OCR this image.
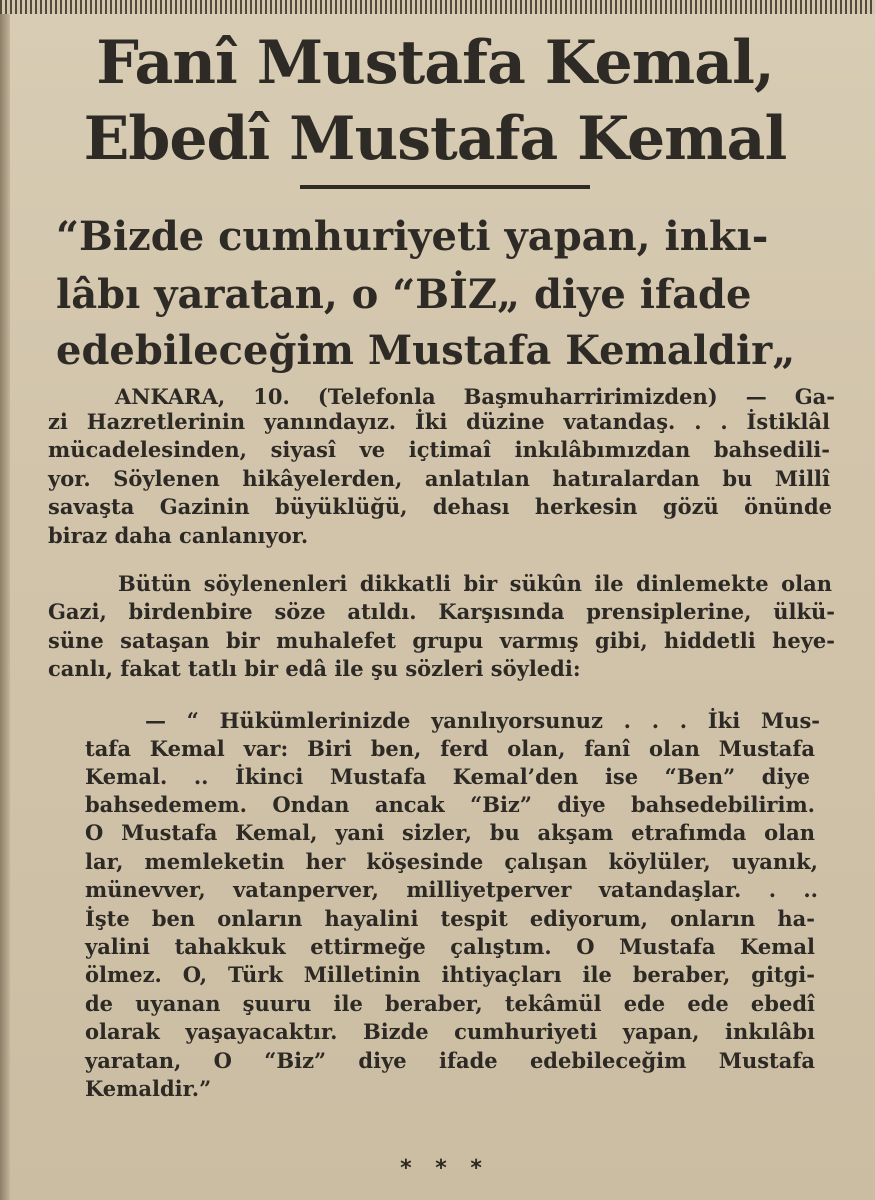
Fanî Mustafa Kemal,
Ebedî Mustafa Kemal
“Bizde cumhuriyeti yapan, inkı-
lâbı yaratan, o “BİZ„ diye ifade
edebileceğim Mustafa Kemaldir„

ANKARA, 10. (Telefonla Başmuharririmizden) — Ga-

zi Hazretlerinin yanındayız. İki düzine vatandaş. . . İstiklâl

mücadelesinden, siyasî ve içtimaî inkılâbımızdan bahsedili-

yor. Söylenen hikâyelerden, anlatılan hatıralardan bu Millî

savaşta Gazinin büyüklüğü, dehası herkesin gözü önünde

biraz daha canlanıyor.

Bütün söylenenleri dikkatli bir sükûn ile dinlemekte olan

Gazi, birdenbire söze atıldı. Karşısında prensiplerine, ülkü-

süne sataşan bir muhalefet grupu varmış gibi, hiddetli heye-

canlı, fakat tatlı bir edâ ile şu sözleri söyledi:

— “ Hükümlerinizde yanılıyorsunuz . . . İki Mus-

tafa Kemal var: Biri ben, ferd olan, fanî olan Mustafa

Kemal. .. İkinci Mustafa Kemal’den ise “Ben” diye

bahsedemem. Ondan ancak “Biz” diye bahsedebilirim.

O Mustafa Kemal, yani sizler, bu akşam etrafımda olan

lar, memleketin her köşesinde çalışan köylüler, uyanık,

münevver, vatanperver, milliyetperver vatandaşlar. . ..

İşte ben onların hayalini tespit ediyorum, onların ha-

yalini tahakkuk ettirmeğe çalıştım. O Mustafa Kemal

ölmez. O, Türk Milletinin ihtiyaçları ile beraber, gitgi-

de uyanan şuuru ile beraber, tekâmül ede ede ebedî

olarak yaşayacaktır. Bizde cumhuriyeti yapan, inkılâbı

yaratan, O “Biz” diye ifade edebileceğim Mustafa

Kemaldir.”

* * *
